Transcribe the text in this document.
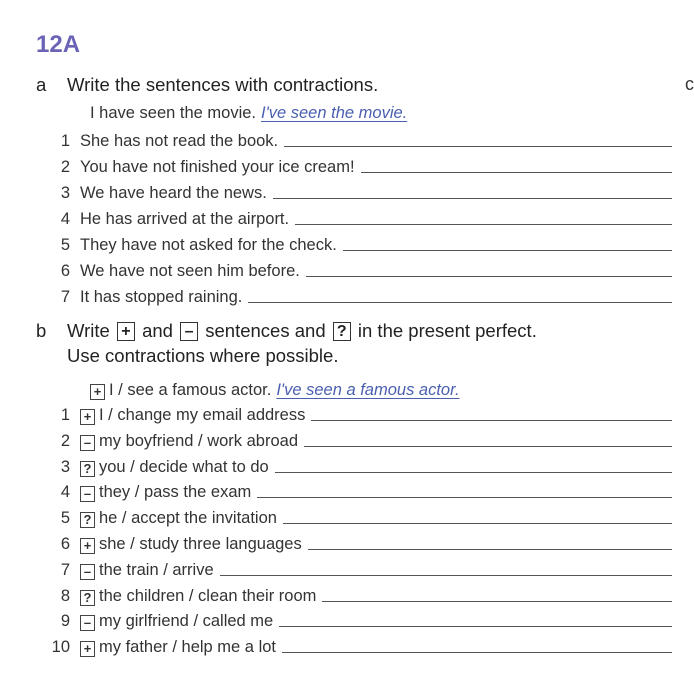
12A
c
a Write the sentences with contractions.
I have seen the movie. I've seen the movie.
1 She has not read the book.
2 You have not finished your ice cream!
3 We have heard the news.
4 He has arrived at the airport.
5 They have not asked for the check.
6 We have not seen him before.
7 It has stopped raining.
b Write + and – sentences and ? in the present perfect.
Use contractions where possible.
+ I / see a famous actor. I've seen a famous actor.
1	+ I / change my email address
2	– my boyfriend / work abroad
3	? you / decide what to do
4	– they / pass the exam
5	? he / accept the invitation
6	+ she / study three languages
7	– the train / arrive
8	? the children / clean their room
9	– my girlfriend / called me
10	+ my father / help me a lot
